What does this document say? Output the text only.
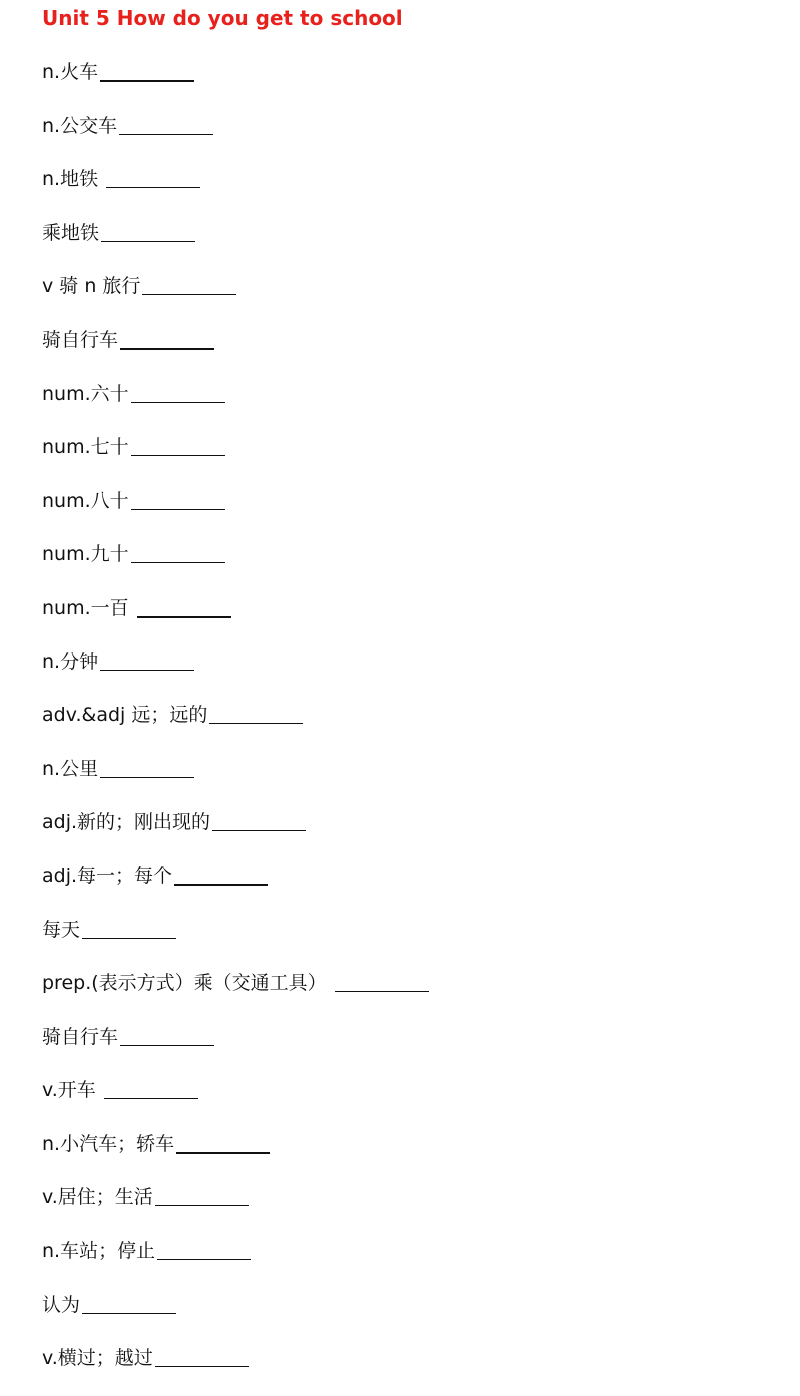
Unit 5 How do you get to school
n.火车
n.公交车
n.地铁
乘地铁
v 骑 n 旅行
骑自行车
num.六十
num.七十
num.八十
num.九十
num.一百
n.分钟
adv.&adj 远；远的
n.公里
adj.新的；刚出现的
adj.每一；每个
每天
prep.(表示方式）乘（交通工具）
骑自行车
v.开车
n.小汽车；轿车
v.居住；生活
n.车站；停止
认为
v.横过；越过
